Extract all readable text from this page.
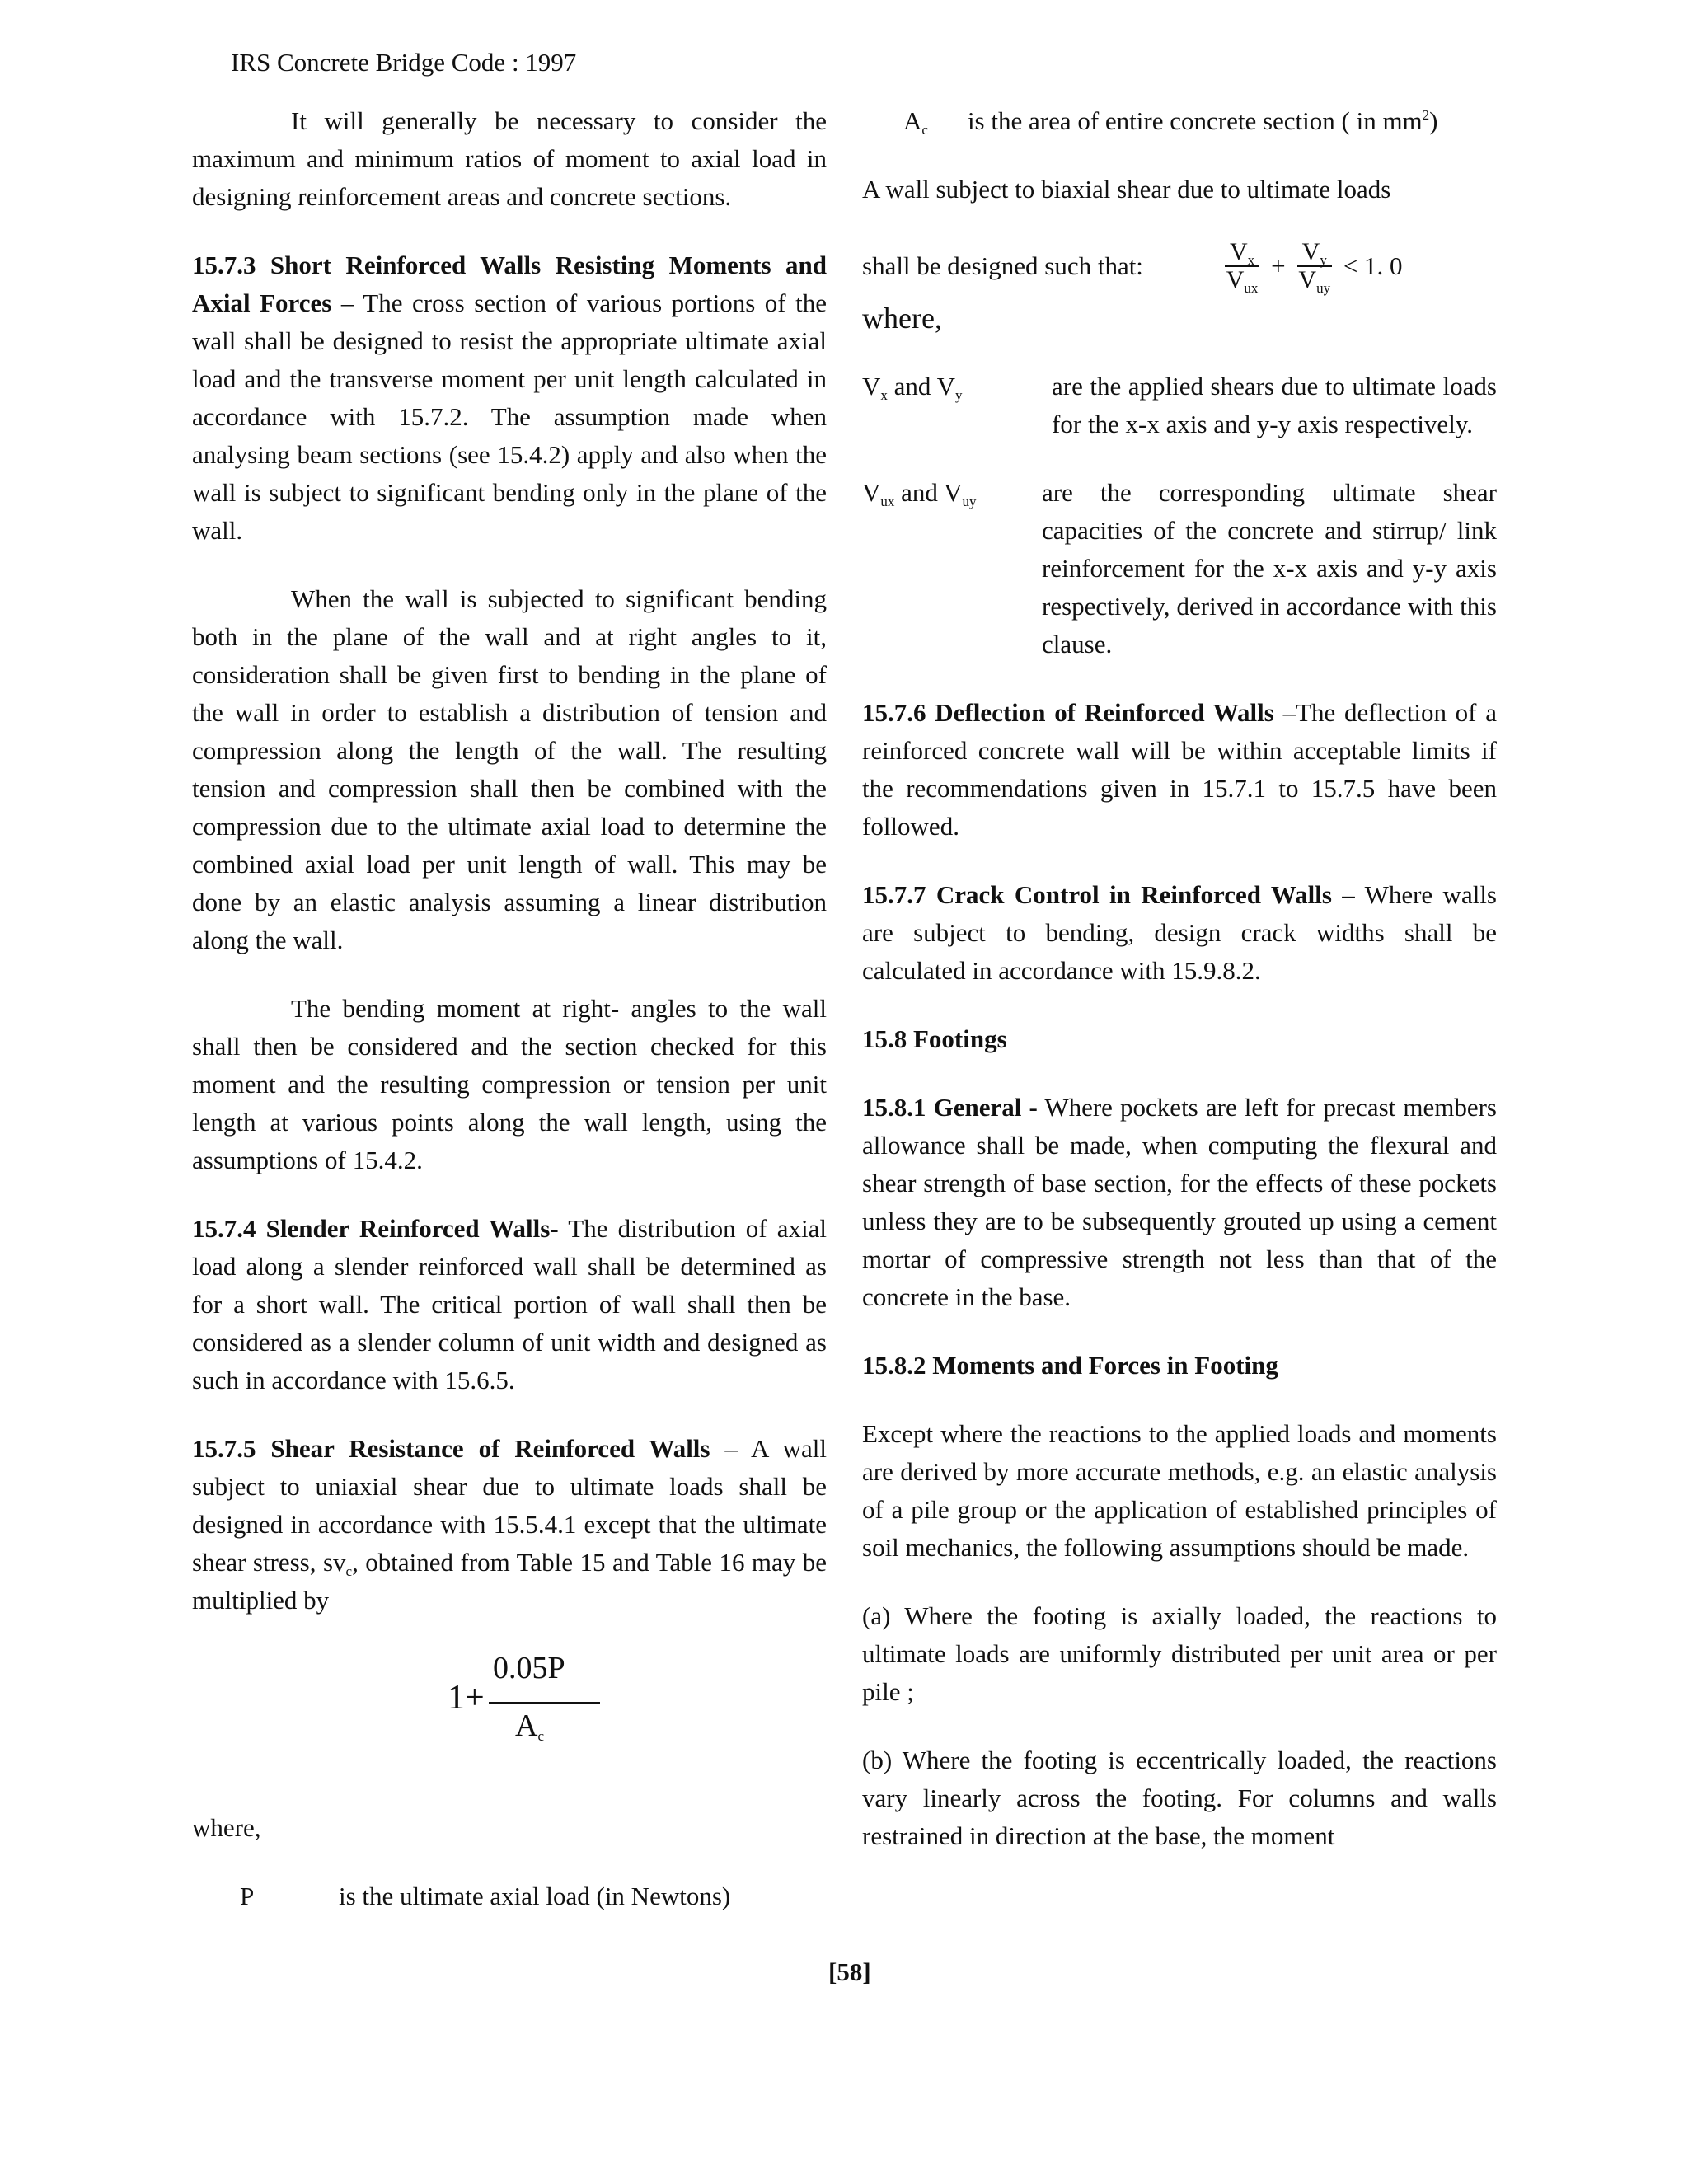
IRS Concrete Bridge Code : 1997

It will generally be necessary to consider the maximum and minimum ratios of moment to axial load in designing reinforcement areas and concrete sections.

15.7.3 Short Reinforced Walls Resisting Moments and Axial Forces – The cross section of various portions of the wall shall be designed to resist the appropriate ultimate axial load and the transverse moment per unit length calculated in accordance with 15.7.2. The assumption made when analysing beam sections (see 15.4.2) apply and also when the wall is subject to significant bending only in the plane of the wall.

When the wall is subjected to significant bending both in the plane of the wall and at right angles to it, consideration shall be given first to bending in the plane of the wall in order to establish a distribution of tension and compression along the length of the wall. The resulting tension and compression shall then be combined with the compression due to the ultimate axial load to determine the combined axial load per unit length of wall. This may be done by an elastic analysis assuming a linear distribution along the wall.

The bending moment at right- angles to the wall shall then be considered and the section checked for this moment and the resulting compression or tension per unit length at various points along the wall length, using the assumptions of 15.4.2.

15.7.4 Slender Reinforced Walls- The distribution of axial load along a slender reinforced wall shall be determined as for a short wall. The critical portion of wall shall then be considered as a slender column of unit width and designed as such in accordance with 15.6.5.

15.7.5 Shear Resistance of Reinforced Walls – A wall subject to uniaxial shear due to ultimate loads shall be designed in accordance with 15.5.4.1 except that the ultimate shear stress, $sv_c$, obtained from Table 15 and Table 16 may be multiplied by

1+
0.05P
$A_c$

where,

P	is the ultimate axial load (in Newtons)

$A_c$ is the area of entire concrete section ( in $mm^2$)

A wall subject to biaxial shear due to ultimate loads

shall be designed such that:	$V_x$
$V_{ux}$
+ $V_y$
$V_{uy}$
< 1. 0

where,

$V_x$ and $V_y$	are the applied shears due to ultimate loads for the x-x axis and y-y axis respectively.
$V_{ux}$ and $V_{uy}$	are the corresponding ultimate shear capacities of the concrete and stirrup/ link reinforcement for the x-x axis and y-y axis respectively, derived in accordance with this clause.

15.7.6 Deflection of Reinforced Walls –The deflection of a reinforced concrete wall will be within acceptable limits if the recommendations given in 15.7.1 to 15.7.5 have been followed.

15.7.7 Crack Control in Reinforced Walls – Where walls are subject to bending, design crack widths shall be calculated in accordance with 15.9.8.2.

15.8 Footings

15.8.1 General - Where pockets are left for precast members allowance shall be made, when computing the flexural and shear strength of base section, for the effects of these pockets unless they are to be subsequently grouted up using a cement mortar of compressive strength not less than that of the concrete in the base.

15.8.2 Moments and Forces in Footing

Except where the reactions to the applied loads and moments are derived by more accurate methods, e.g. an elastic analysis of a pile group or the application of established principles of soil mechanics, the following assumptions should be made.

(a) Where the footing is axially loaded, the reactions to ultimate loads are uniformly distributed per unit area or per pile ;

(b) Where the footing is eccentrically loaded, the reactions vary linearly across the footing. For columns and walls restrained in direction at the base, the moment

[58]
